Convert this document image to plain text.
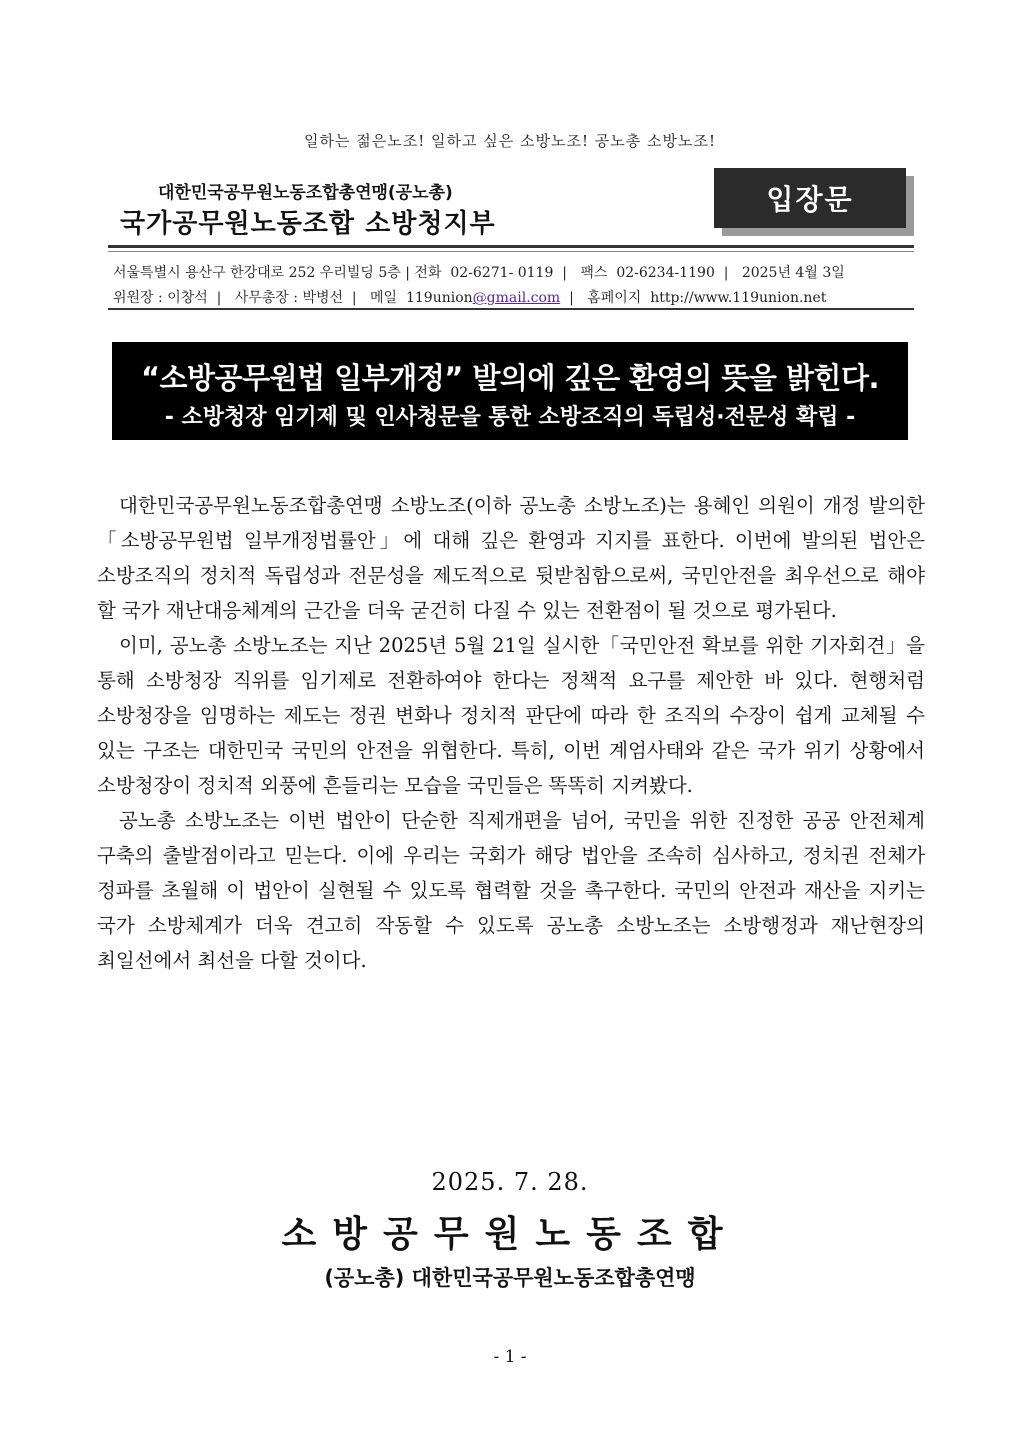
일하는 젊은노조! 일하고 싶은 소방노조! 공노총 소방노조!
대한민국공무원노동조합총연맹(공노총)
국가공무원노동조합 소방청지부
입장문
서울특별시 용산구 한강대로 252 우리빌딩 5층 | 전화 02-6271- 0119  |   팩스 02-6234-1190  |   2025년 4월 3일
위원장 : 이창석  |   사무총장 : 박병선  |   메일 119union@gmail.com  |   홈페이지 http://www.119union.net
“소방공무원법 일부개정” 발의에 깊은 환영의 뜻을 밝힌다.
- 소방청장 임기제 및 인사청문을 통한 소방조직의 독립성·전문성 확립 -

대한민국공무원노동조합총연맹 소방노조(이하 공노총 소방노조)는 용혜인 의원이 개정 발의한 「소방공무원법 일부개정법률안」에 대해 깊은 환영과 지지를 표한다. 이번에 발의된 법안은 소방조직의 정치적 독립성과 전문성을 제도적으로 뒷받침함으로써, 국민안전을 최우선으로 해야 할 국가 재난대응체계의 근간을 더욱 굳건히 다질 수 있는 전환점이 될 것으로 평가된다.

이미, 공노총 소방노조는 지난 2025년 5월 21일 실시한「국민안전 확보를 위한 기자회견」을 통해 소방청장 직위를 임기제로 전환하여야 한다는 정책적 요구를 제안한 바 있다. 현행처럼 소방청장을 임명하는 제도는 정권 변화나 정치적 판단에 따라 한 조직의 수장이 쉽게 교체될 수 있는 구조는 대한민국 국민의 안전을 위협한다. 특히, 이번 계엄사태와 같은 국가 위기 상황에서 소방청장이 정치적 외풍에 흔들리는 모습을 국민들은 똑똑히 지켜봤다.

공노총 소방노조는 이번 법안이 단순한 직제개편을 넘어, 국민을 위한 진정한 공공 안전체계 구축의 출발점이라고 믿는다. 이에 우리는 국회가 해당 법안을 조속히 심사하고, 정치권 전체가 정파를 초월해 이 법안이 실현될 수 있도록 협력할 것을 촉구한다. 국민의 안전과 재산을 지키는 국가 소방체계가 더욱 견고히 작동할 수 있도록 공노총 소방노조는 소방행정과 재난현장의 최일선에서 최선을 다할 것이다.

2025. 7. 28.
소방공무원노동조합
(공노총) 대한민국공무원노동조합총연맹
- 1 -
